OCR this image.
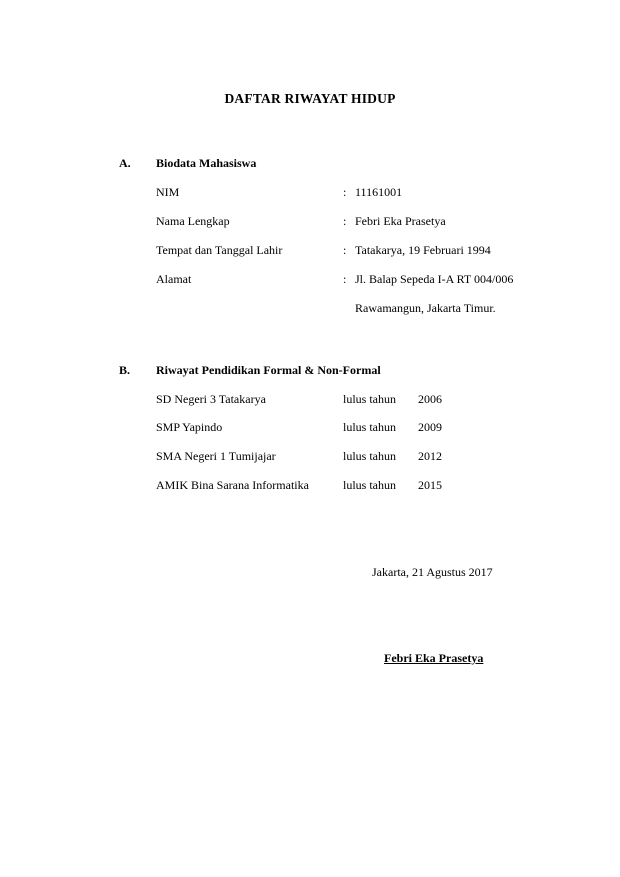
DAFTAR RIWAYAT HIDUP
A. Biodata Mahasiswa
NIM	: 11161001
Nama Lengkap	: Febri Eka Prasetya
Tempat dan Tanggal Lahir	: Tatakarya, 19 Februari 1994
Alamat	: Jl. Balap Sepeda I-A RT 004/006
Rawamangun, Jakarta Timur.
B. Riwayat Pendidikan Formal & Non-Formal
SD Negeri 3 Tatakarya	lulus tahun 2006
SMP Yapindo	lulus tahun 2009
SMA Negeri 1 Tumijajar	lulus tahun 2012
AMIK Bina Sarana Informatika	lulus tahun 2015
Jakarta, 21 Agustus 2017
Febri Eka Prasetya
